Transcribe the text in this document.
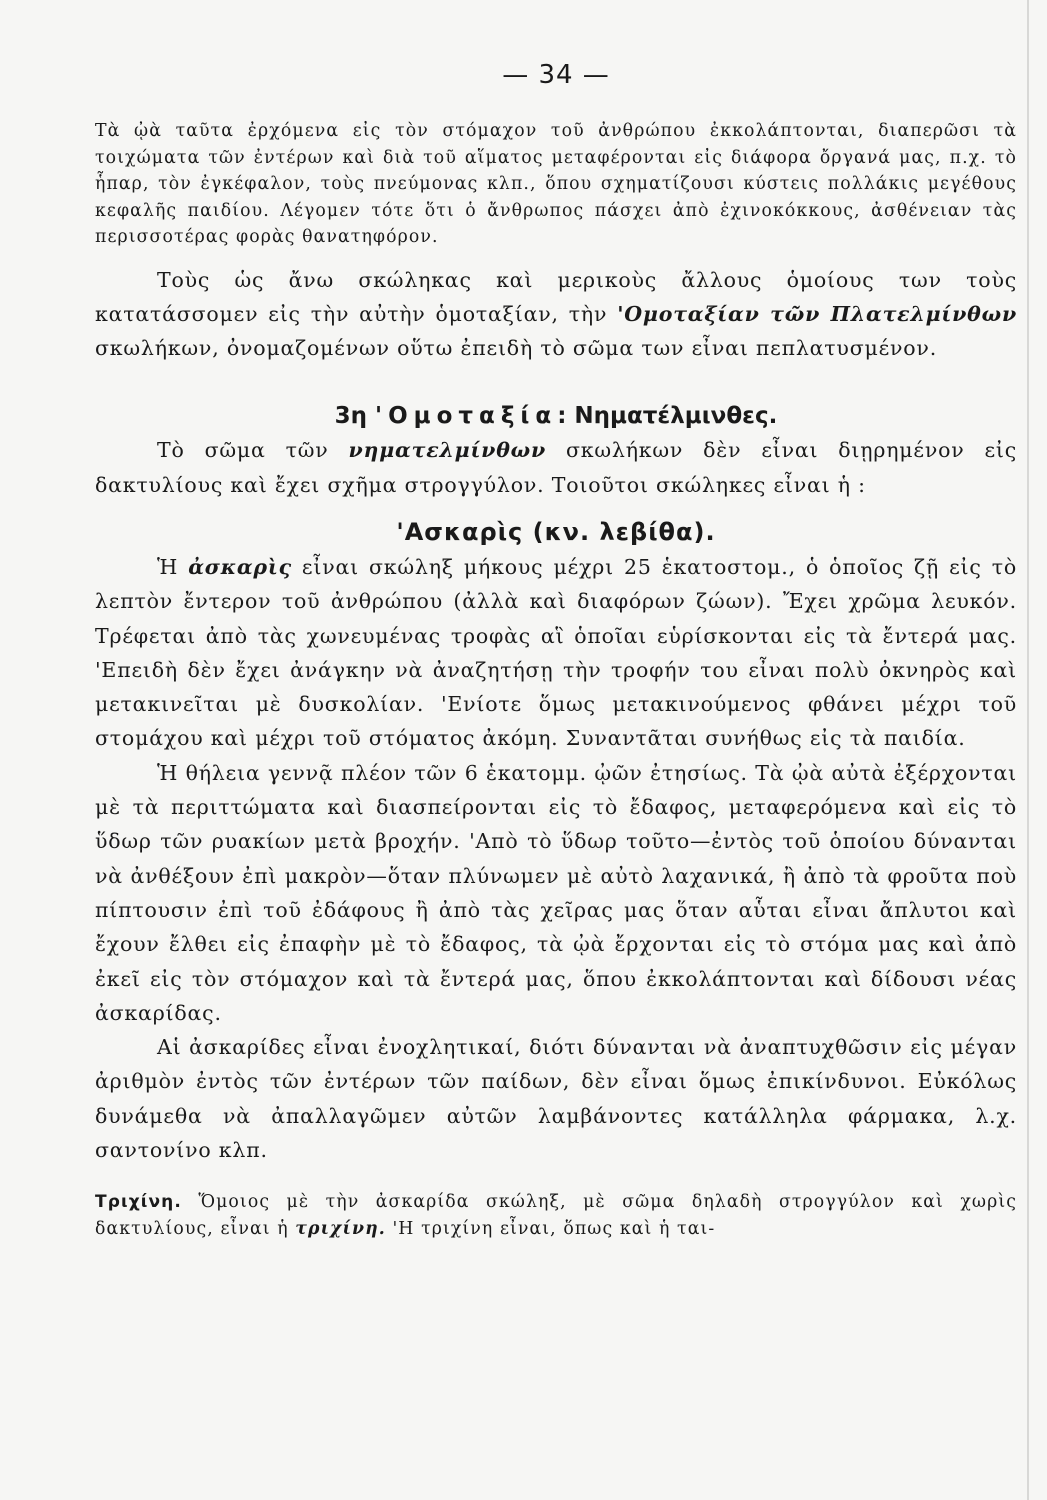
— 34 —

Τὰ ᾠὰ ταῦτα ἐρχόμενα εἰς τὸν στόμαχον τοῦ ἀνθρώπου ἐκκολάπτονται, διαπερῶσι τὰ τοιχώματα τῶν ἐντέρων καὶ διὰ τοῦ αἵματος μεταφέρονται εἰς διάφορα ὄργανά μας, π.χ. τὸ ἧπαρ, τὸν ἐγκέφαλον, τοὺς πνεύμονας κλπ., ὅπου σχηματίζουσι κύστεις πολλάκις μεγέθους κεφαλῆς παιδίου. Λέγομεν τότε ὅτι ὁ ἄνθρωπος πάσχει ἀπὸ ἐχινοκόκκους, ἀσθένειαν τὰς περισσοτέρας φορὰς θανατηφόρον.

Τοὺς ὡς ἄνω σκώληκας καὶ μερικοὺς ἄλλους ὁμοίους των τοὺς κατατάσσομεν εἰς τὴν αὐτὴν ὁμοταξίαν, τὴν 'Ομοταξίαν τῶν Πλατελμίνθων σκωλήκων, ὀνομαζομένων οὕτω ἐπειδὴ τὸ σῶμα των εἶναι πεπλατυσμένον.

3η 'Ομοταξία: Νηματέλμινθες.

Τὸ σῶμα τῶν νηματελμίνθων σκωλήκων δὲν εἶναι διῃρημένον εἰς δακτυλίους καὶ ἔχει σχῆμα στρογγύλον. Τοιοῦτοι σκώληκες εἶναι ἡ :

'Ασκαρὶς (κν. λεβίθα).

Ἡ ἀσκαρὶς εἶναι σκώληξ μήκους μέχρι 25 ἑκατοστομ., ὁ ὁποῖος ζῇ εἰς τὸ λεπτὸν ἔντερον τοῦ ἀνθρώπου (ἀλλὰ καὶ διαφόρων ζώων). Ἔχει χρῶμα λευκόν. Τρέφεται ἀπὸ τὰς χωνευμένας τροφὰς αἳ ὁποῖαι εὑρίσκονται εἰς τὰ ἔντερά μας. 'Επειδὴ δὲν ἔχει ἀνάγκην νὰ ἀναζητήσῃ τὴν τροφήν του εἶναι πολὺ ὀκνηρὸς καὶ μετακινεῖται μὲ δυσκολίαν. 'Ενίοτε ὅμως μετακινούμενος φθάνει μέχρι τοῦ στομάχου καὶ μέχρι τοῦ στόματος ἀκόμη. Συναντᾶται συνήθως εἰς τὰ παιδία.

Ἡ θήλεια γεννᾷ πλέον τῶν 6 ἑκατομμ. ᾠῶν ἐτησίως. Τὰ ᾠὰ αὐτὰ ἐξέρχονται μὲ τὰ περιττώματα καὶ διασπείρονται εἰς τὸ ἔδαφος, μεταφερόμενα καὶ εἰς τὸ ὕδωρ τῶν ρυακίων μετὰ βροχήν. 'Απὸ τὸ ὕδωρ τοῦτο—ἐντὸς τοῦ ὁποίου δύνανται νὰ ἀνθέξουν ἐπὶ μακρὸν—ὅταν πλύνωμεν μὲ αὐτὸ λαχανικά, ἢ ἀπὸ τὰ φροῦτα ποὺ πίπτουσιν ἐπὶ τοῦ ἐδάφους ἢ ἀπὸ τὰς χεῖρας μας ὅταν αὗται εἶναι ἄπλυτοι καὶ ἔχουν ἔλθει εἰς ἐπαφὴν μὲ τὸ ἔδαφος, τὰ ᾠὰ ἔρχονται εἰς τὸ στόμα μας καὶ ἀπὸ ἐκεῖ εἰς τὸν στόμαχον καὶ τὰ ἔντερά μας, ὅπου ἐκκολάπτονται καὶ δίδουσι νέας ἀσκαρίδας.

Αἱ ἀσκαρίδες εἶναι ἐνοχλητικαί, διότι δύνανται νὰ ἀναπτυχθῶσιν εἰς μέγαν ἀριθμὸν ἐντὸς τῶν ἐντέρων τῶν παίδων, δὲν εἶναι ὅμως ἐπικίνδυνοι. Εὐκόλως δυνάμεθα νὰ ἀπαλλαγῶμεν αὐτῶν λαμβάνοντες κατάλληλα φάρμακα, λ.χ. σαντονίνο κλπ.

Τριχίνη. Ὅμοιος μὲ τὴν ἀσκαρίδα σκώληξ, μὲ σῶμα δηλαδὴ στρογγύλον καὶ χωρὶς δακτυλίους, εἶναι ἡ τριχίνη. 'Η τριχίνη εἶναι, ὅπως καὶ ἡ ται-
